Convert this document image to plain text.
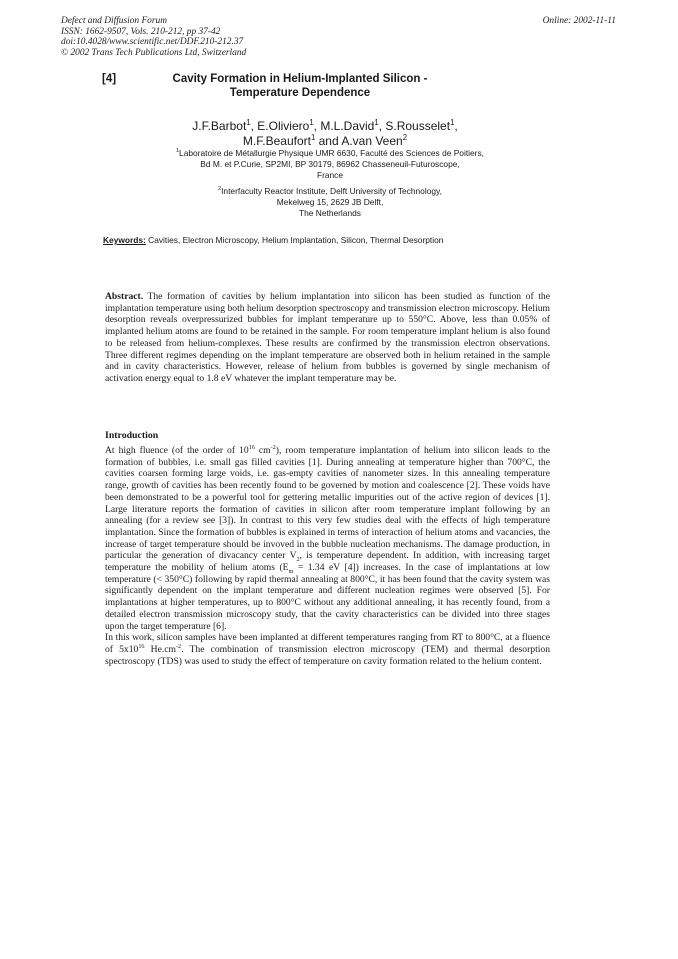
Defect and Diffusion Forum
ISSN: 1662-9507, Vols. 210-212, pp 37-42
doi:10.4028/www.scientific.net/DDF.210-212.37
© 2002 Trans Tech Publications Ltd, Switzerland
Online: 2002-11-11
[4]	Cavity Formation in Helium-Implanted Silicon -
Temperature Dependence
J.F.Barbot$^1$, E.Oliviero$^1$, M.L.David$^1$, S.Rousselet$^1$,
M.F.Beaufort$^1$ and A.van Veen$^2$
$^1$Laboratoire de Métallurgie Physique UMR 6630, Faculté des Sciences de Poitiers,
Bd M. et P.Curie, SP2MI, BP 30179, 86962 Chasseneuil-Futuroscope,
France
$^2$Interfaculty Reactor Institute, Delft University of Technology,
Mekelweg 15, 2629 JB Delft,
The Netherlands
Keywords: Cavities, Electron Microscopy, Helium Implantation, Silicon, Thermal Desorption
Abstract. The formation of cavities by helium implantation into silicon has been studied as function of the implantation temperature using both helium desorption spectroscopy and transmission electron microscopy. Helium desorption reveals overpressurized bubbles for implant temperature up to 550°C. Above, less than 0.05% of implanted helium atoms are found to be retained in the sample. For room temperature implant helium is also found to be released from helium-complexes. These results are confirmed by the transmission electron observations. Three different regimes depending on the implant temperature are observed both in helium retained in the sample and in cavity characteristics. However, release of helium from bubbles is governed by single mechanism of activation energy equal to 1.8 eV whatever the implant temperature may be.
Introduction

At high fluence (of the order of $10^{16}$ $cm^{-2}$), room temperature implantation of helium into silicon leads to the formation of bubbles, i.e. small gas filled cavities [1]. During annealing at temperature higher than 700°C, the cavities coarsen forming large voids, i.e. gas-empty cavities of nanometer sizes. In this annealing temperature range, growth of cavities has been recently found to be governed by motion and coalescence [2]. These voids have been demonstrated to be a powerful tool for gettering metallic impurities out of the active region of devices [1]. Large literature reports the formation of cavities in silicon after room temperature implant following by an annealing (for a review see [3]). In contrast to this very few studies deal with the effects of high temperature implantation. Since the formation of bubbles is explained in terms of interaction of helium atoms and vacancies, the increase of target temperature should be invoved in the bubble nucleation mechanisms. The damage production, in particular the generation of divacancy center $V_2$, is temperature dependent. In addition, with increasing target temperature the mobility of helium atoms ($E_m = 1.34$ eV [4]) increases. In the case of implantations at low temperature (< 350°C) following by rapid thermal annealing at 800°C, it has been found that the cavity system was significantly dependent on the implant temperature and different nucleation regimes were observed [5]. For implantations at higher temperatures, up to 800°C without any additional annealing, it has recently found, from a detailed electron transmission microscopy study, that the cavity characteristics can be divided into three stages upon the target temperature [6].

In this work, silicon samples have been implanted at different temperatures ranging from RT to 800°C, at a fluence of $5x10^{16}$ $He.cm^{-2}$. The combination of transmission electron microscopy (TEM) and thermal desorption spectroscopy (TDS) was used to study the effect of temperature on cavity formation related to the helium content.
